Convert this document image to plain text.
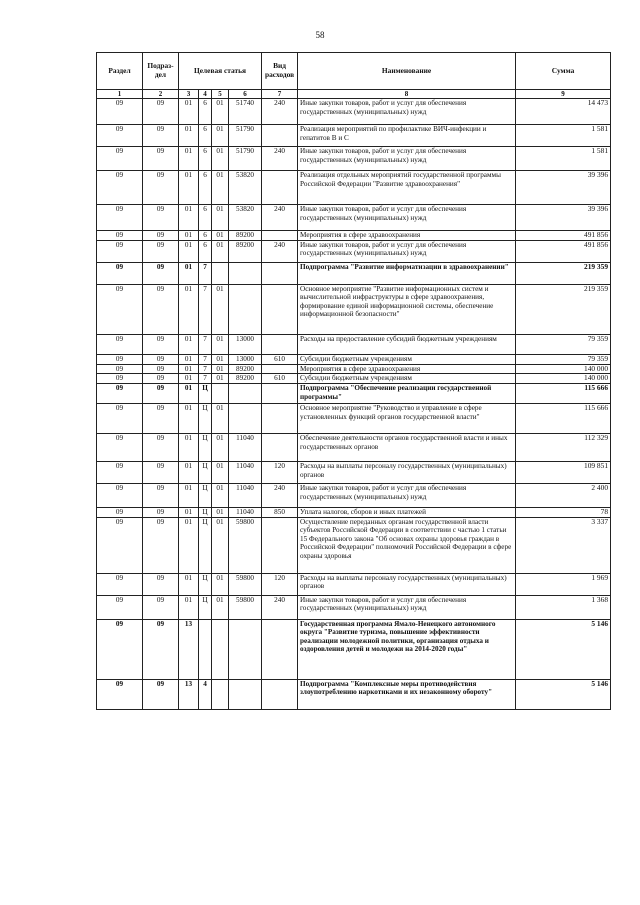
58
Раздел	Подраз-дел	Целевая статья				Вид расходов	Наименование	Сумма
1	2	3	4	5	6	7	8	9
09	09	01	6	01	51740	240	Иные закупки товаров, работ и услуг для обеспечения государственных (муниципальных) нужд	14 473
09	09	01	6	01	51790		Реализация мероприятий по профилактике ВИЧ-инфекции и гепатитов В и С	1 581
09	09	01	6	01	51790	240	Иные закупки товаров, работ и услуг для обеспечения государственных (муниципальных) нужд	1 581
09	09	01	6	01	53820		Реализация отдельных мероприятий государственной программы Российской Федерации "Развитие здравоохранения"	39 396
09	09	01	6	01	53820	240	Иные закупки товаров, работ и услуг для обеспечения государственных (муниципальных) нужд	39 396
09	09	01	6	01	89200		Мероприятия в сфере здравоохранения	491 856
09	09	01	6	01	89200	240	Иные закупки товаров, работ и услуг для обеспечения государственных (муниципальных) нужд	491 856
09	09	01	7				Подпрограмма "Развитие информатизации в здравоохранении"	219 359
09	09	01	7	01			Основное мероприятие "Развитие информационных систем и вычислительной инфраструктуры в сфере здравоохранения, формирование единой информационной системы, обеспечение информационной безопасности"	219 359
09	09	01	7	01	13000		Расходы на предоставление субсидий бюджетным учреждениям	79 359
09	09	01	7	01	13000	610	Субсидии бюджетным учреждениям	79 359
09	09	01	7	01	89200		Мероприятия в сфере здравоохранения	140 000
09	09	01	7	01	89200	610	Субсидии бюджетным учреждениям	140 000
09	09	01	Ц				Подпрограмма "Обеспечение реализации государственной программы"	115 666
09	09	01	Ц	01			Основное мероприятие "Руководство и управление в сфере установленных функций органов государственной власти"	115 666
09	09	01	Ц	01	11040		Обеспечение деятельности органов государственной власти и иных государственных органов	112 329
09	09	01	Ц	01	11040	120	Расходы на выплаты персоналу государственных (муниципальных) органов	109 851
09	09	01	Ц	01	11040	240	Иные закупки товаров, работ и услуг для обеспечения государственных (муниципальных) нужд	2 400
09	09	01	Ц	01	11040	850	Уплата налогов, сборов и иных платежей	78
09	09	01	Ц	01	59800		Осуществление переданных органам государственной власти субъектов Российской Федерации в соответствии с частью 1 статьи 15 Федерального закона "Об основах охраны здоровья граждан в Российской Федерации" полномочий Российской Федерации в сфере охраны здоровья	3 337
09	09	01	Ц	01	59800	120	Расходы на выплаты персоналу государственных (муниципальных) органов	1 969
09	09	01	Ц	01	59800	240	Иные закупки товаров, работ и услуг для обеспечения государственных (муниципальных) нужд	1 368
09	09	13					Государственная программа Ямало-Ненецкого автономного округа "Развитие туризма, повышение эффективности реализации молодежной политики, организация отдыха и оздоровления детей и молодежи на 2014-2020 годы"	5 146
09	09	13	4				Подпрограмма "Комплексные меры противодействия злоупотреблению наркотиками и их незаконному обороту"	5 146
